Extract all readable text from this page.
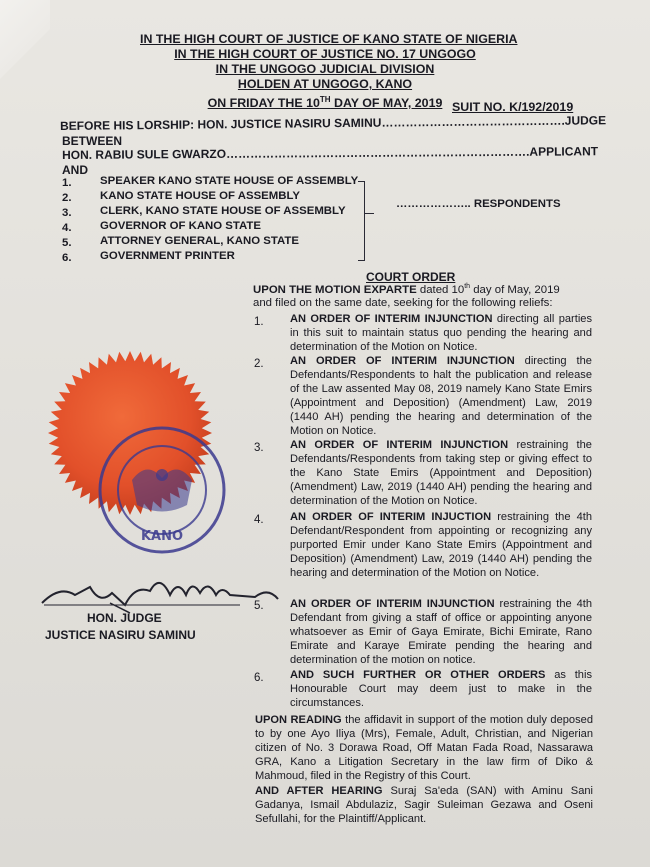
IN THE HIGH COURT OF JUSTICE OF KANO STATE OF NIGERIA
IN THE HIGH COURT OF JUSTICE NO. 17 UNGOGO
IN THE UNGOGO JUDICIAL DIVISION
HOLDEN AT UNGOGO, KANO
ON FRIDAY THE 10TH DAY OF MAY, 2019 SUIT NO. K/192/2019
BEFORE HIS LORSHIP: HON. JUSTICE NASIRU SAMINU……………………………………….JUDGE
BETWEEN
HON. RABIU SULE GWARZO………………………………………………………………….APPLICANT
AND
1.	SPEAKER KANO STATE HOUSE OF ASSEMBLY
2.	KANO STATE HOUSE OF ASSEMBLY
3.	CLERK, KANO STATE HOUSE OF ASSEMBLY
4.	GOVERNOR OF KANO STATE
5.	ATTORNEY GENERAL, KANO STATE
6.	GOVERNMENT PRINTER
……………….. RESPONDENTS
COURT ORDER
UPON THE MOTION EXPARTE dated 10th day of May, 2019
and filed on the same date, seeking for the following reliefs:
1. AN ORDER OF INTERIM INJUNCTION directing all parties in this suit to maintain status quo pending the hearing and determination of the Motion on Notice.
2. AN ORDER OF INTERIM INJUNCTION directing the Defendants/Respondents to halt the publication and release of the Law assented May 08, 2019 namely Kano State Emirs (Appointment and Deposition) (Amendment) Law, 2019 (1440 AH) pending the hearing and determination of the Motion on Notice.
3. AN ORDER OF INTERIM INJUNCTION restraining the Defendants/Respondents from taking step or giving effect to the Kano State Emirs (Appointment and Deposition) (Amendment) Law, 2019 (1440 AH) pending the hearing and determination of the Motion on Notice.
4. AN ORDER OF INTERIM INJUCTION restraining the 4th Defendant/Respondent from appointing or recognizing any purported Emir under Kano State Emirs (Appointment and Deposition) (Amendment) Law, 2019 (1440 AH) pending the hearing and determination of the Motion on Notice.
5. AN ORDER OF INTERIM INJUNCTION restraining the 4th Defendant from giving a staff of office or appointing anyone whatsoever as Emir of Gaya Emirate, Bichi Emirate, Rano Emirate and Karaye Emirate pending the hearing and determination of the motion on notice.
6. AND SUCH FURTHER OR OTHER ORDERS as this Honourable Court may deem just to make in the circumstances.
UPON READING the affidavit in support of the motion duly deposed to by one Ayo Iliya (Mrs), Female, Adult, Christian, and Nigerian citizen of No. 3 Dorawa Road, Off Matan Fada Road, Nassarawa GRA, Kano a Litigation Secretary in the law firm of Diko & Mahmoud, filed in the Registry of this Court.
AND AFTER HEARING Suraj Sa'eda (SAN) with Aminu Sani Gadanya, Ismail Abdulaziz, Sagir Suleiman Gezawa and Oseni Sefullahi, for the Plaintiff/Applicant.
KANO
HON. JUDGE
JUSTICE NASIRU SAMINU
